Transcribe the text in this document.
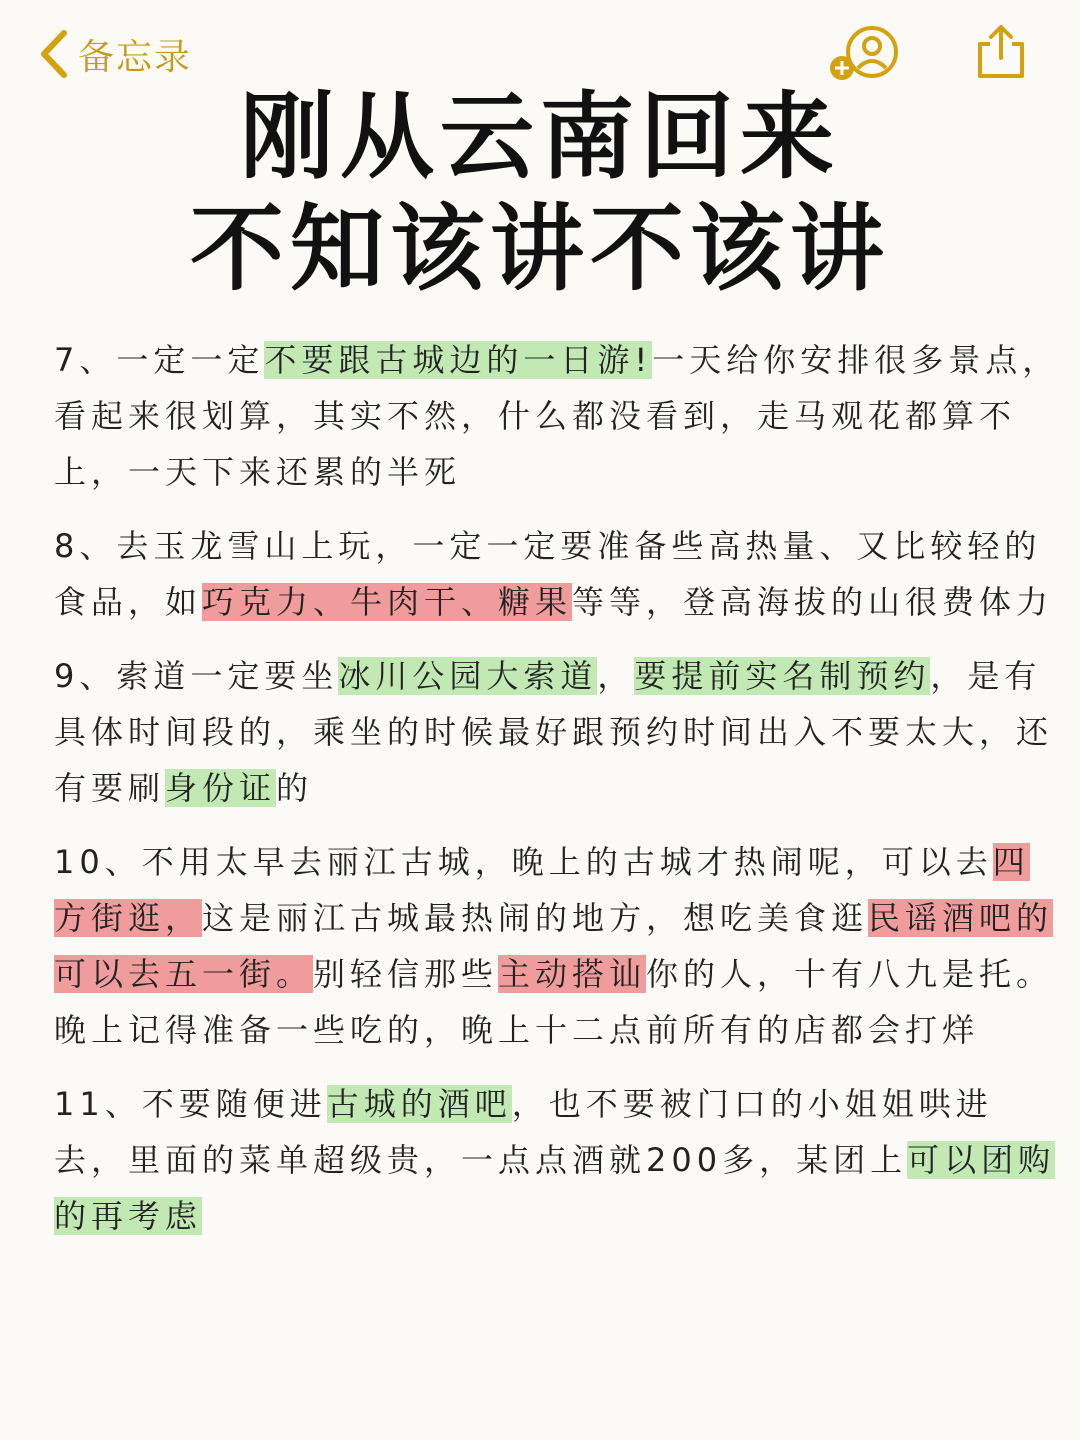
备忘录
刚从云南回来
不知该讲不该讲
7、一定一定不要跟古城边的一日游!一天给你安排很多景点，看起来很划算，其实不然，什么都没看到，走马观花都算不上，一天下来还累的半死
8、去玉龙雪山上玩，一定一定要准备些高热量、又比较轻的食品，如巧克力、牛肉干、糖果等等，登高海拔的山很费体力
9、索道一定要坐冰川公园大索道，要提前实名制预约，是有具体时间段的，乘坐的时候最好跟预约时间出入不要太大，还有要刷身份证的
10、不用太早去丽江古城，晚上的古城才热闹呢，可以去四方街逛，这是丽江古城最热闹的地方，想吃美食逛民谣酒吧的可以去五一街。别轻信那些主动搭讪你的人，十有八九是托。晚上记得准备一些吃的，晚上十二点前所有的店都会打烊
11、不要随便进古城的酒吧，也不要被门口的小姐姐哄进去，里面的菜单超级贵，一点点酒就200多，某团上可以团购的再考虑
